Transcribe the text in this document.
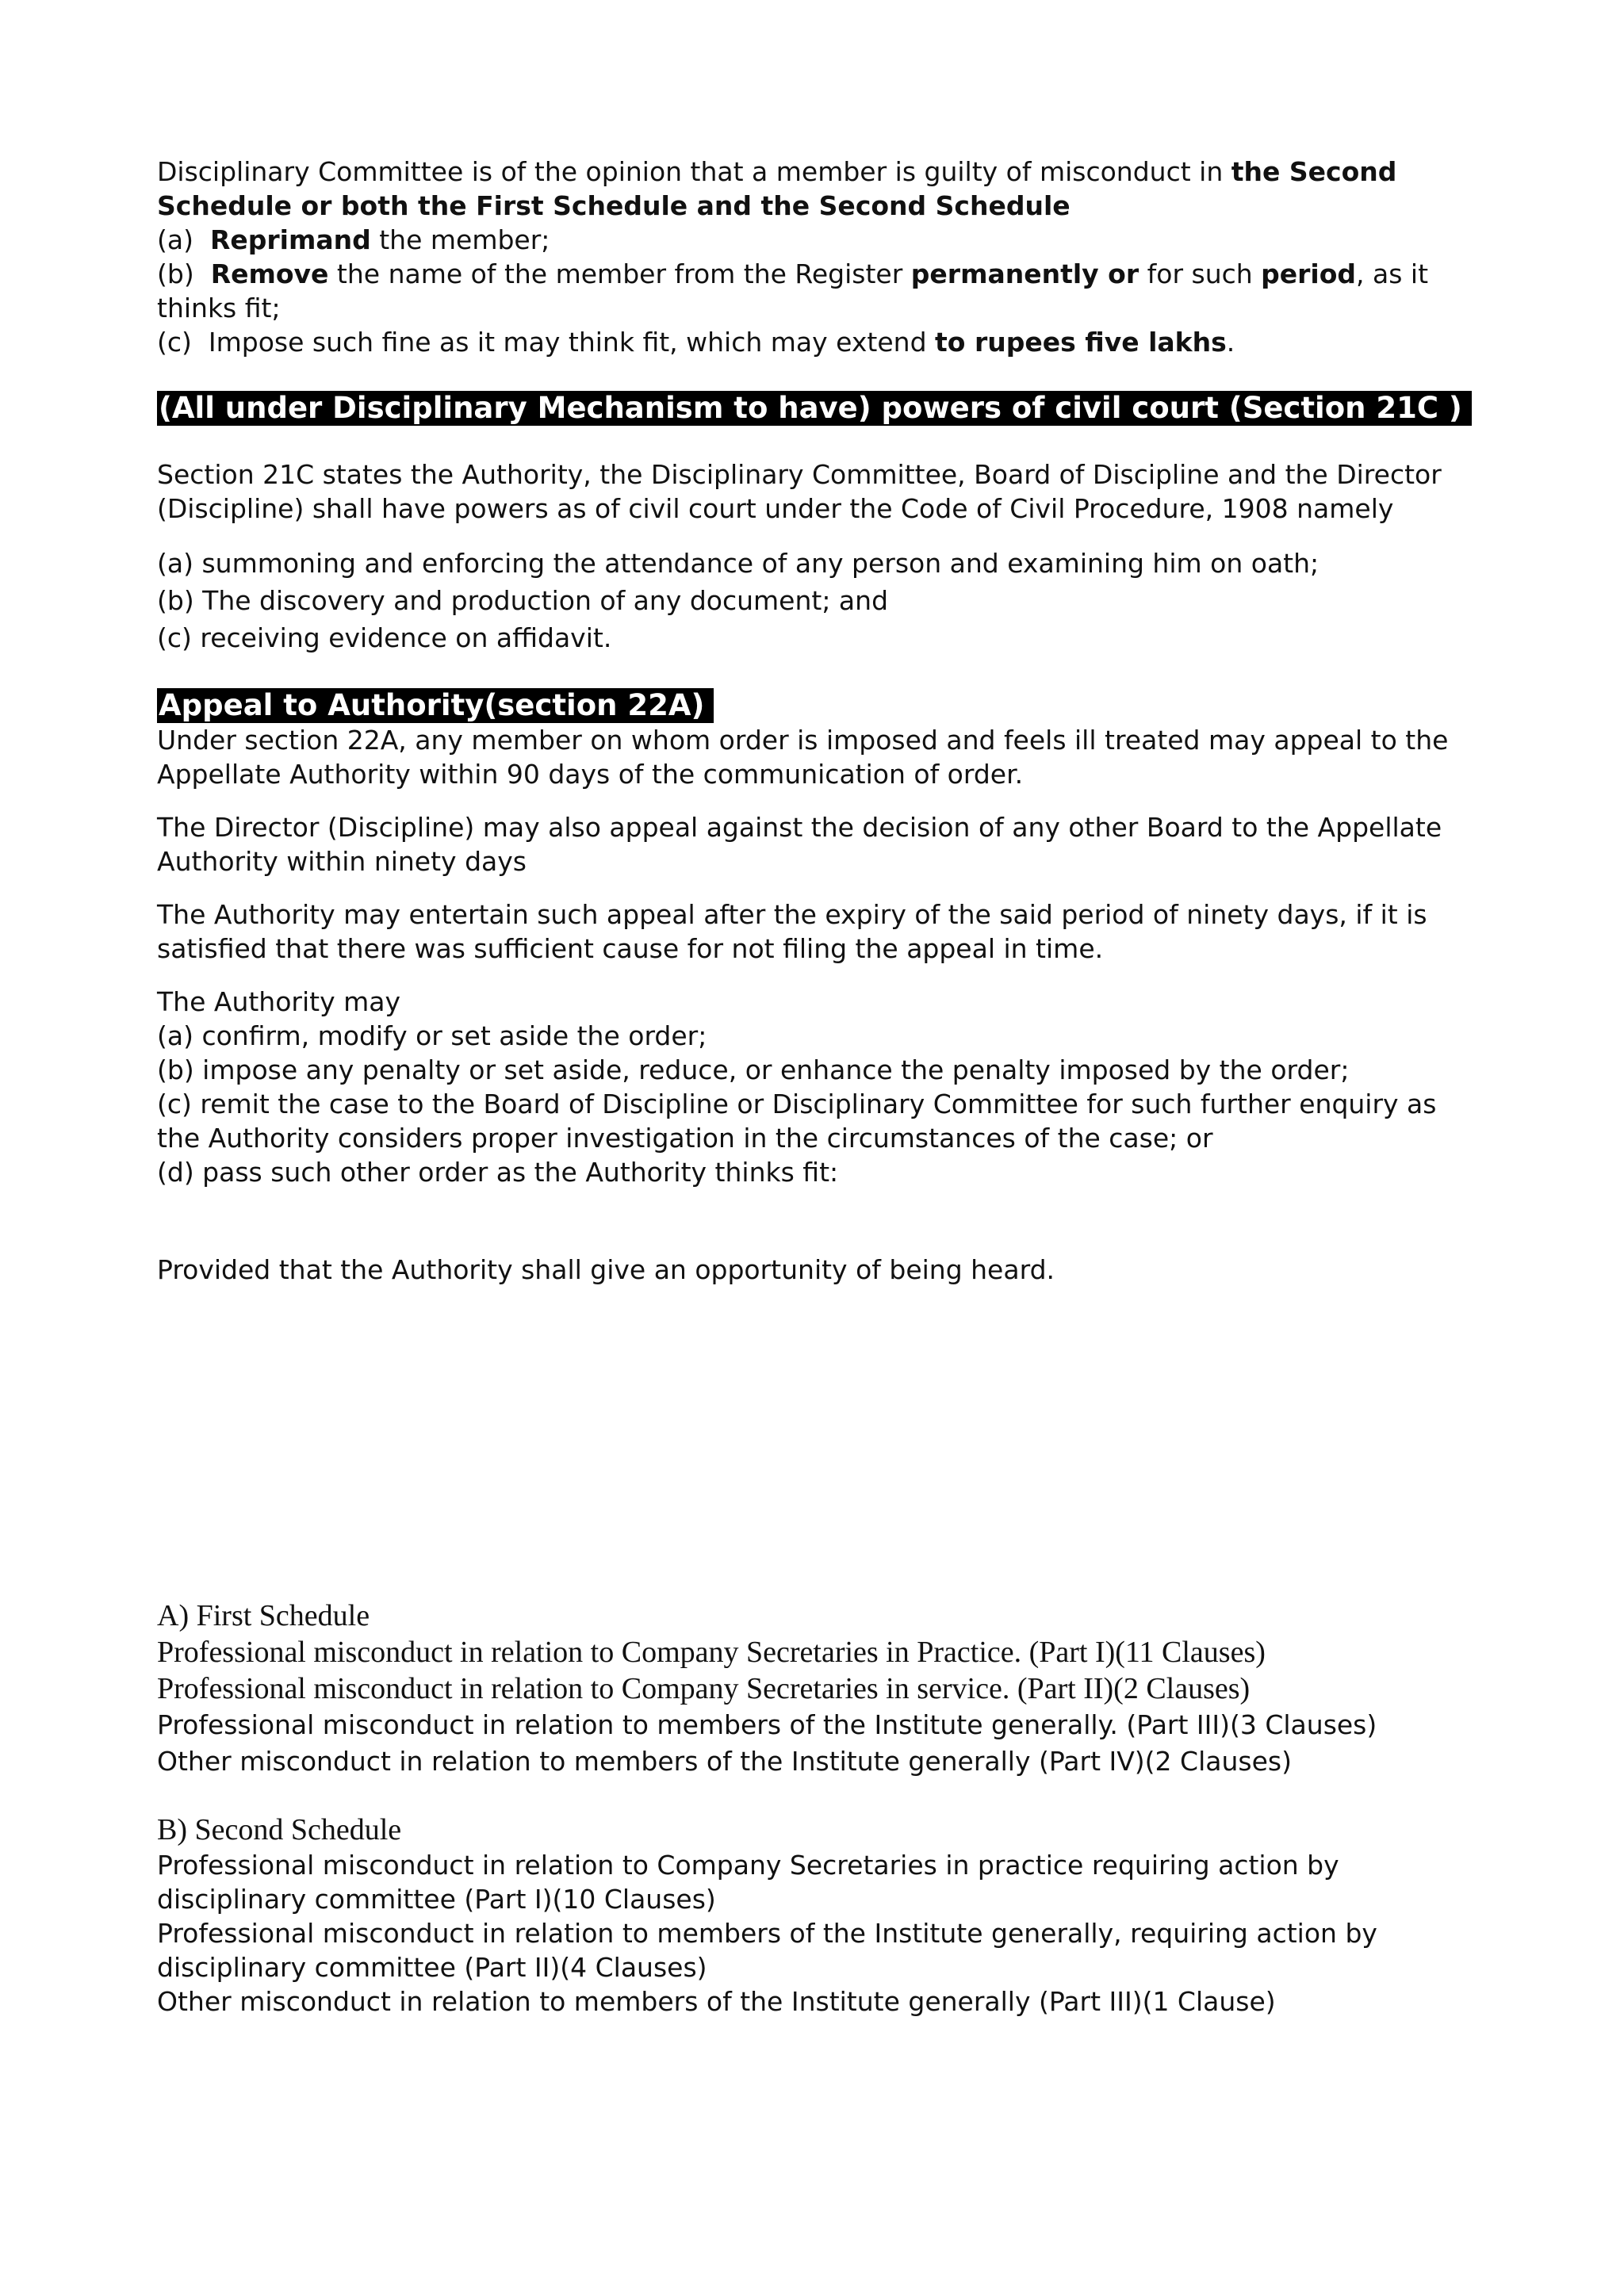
Disciplinary Committee is of the opinion that a member is guilty of misconduct in the Second Schedule or both the First Schedule and the Second Schedule

(a)  Reprimand the member;

(b)  Remove the name of the member from the Register permanently or for such period, as it thinks fit;

(c)  Impose such fine as it may think fit, which may extend to rupees five lakhs.

(All under Disciplinary Mechanism to have) powers of civil court (Section 21C )

Section 21C states the Authority, the Disciplinary Committee, Board of Discipline and the Director (Discipline) shall have powers as of civil court under the Code of Civil Procedure, 1908 namely

(a) summoning and enforcing the attendance of any person and examining him on oath;

(b) The discovery and production of any document; and

(c) receiving evidence on affidavit.

Appeal to Authority(section 22A)

Under section 22A, any member on whom order is imposed and feels ill treated may appeal to the Appellate Authority within 90 days of the communication of order.

The Director (Discipline) may also appeal against the decision of any other Board to the Appellate Authority within ninety days

The Authority may entertain such appeal after the expiry of the said period of ninety days, if it is satisfied that there was sufficient cause for not filing the appeal in time.

The Authority may

(a) confirm, modify or set aside the order;

(b) impose any penalty or set aside, reduce, or enhance the penalty imposed by the order;

(c) remit the case to the Board of Discipline or Disciplinary Committee for such further enquiry as the Authority considers proper investigation in the circumstances of the case; or

(d) pass such other order as the Authority thinks fit:

Provided that the Authority shall give an opportunity of being heard.

A) First Schedule

Professional misconduct in relation to Company Secretaries in Practice. (Part I)(11 Clauses)

Professional misconduct in relation to Company Secretaries in service. (Part II)(2 Clauses)

Professional misconduct in relation to members of the Institute generally. (Part III)(3 Clauses)

Other misconduct in relation to members of the Institute generally (Part IV)(2 Clauses)

B) Second Schedule

Professional misconduct in relation to Company Secretaries in practice requiring action by disciplinary committee (Part I)(10 Clauses)

Professional misconduct in relation to members of the Institute generally, requiring action by disciplinary committee (Part II)(4 Clauses)

Other misconduct in relation to members of the Institute generally (Part III)(1 Clause)
